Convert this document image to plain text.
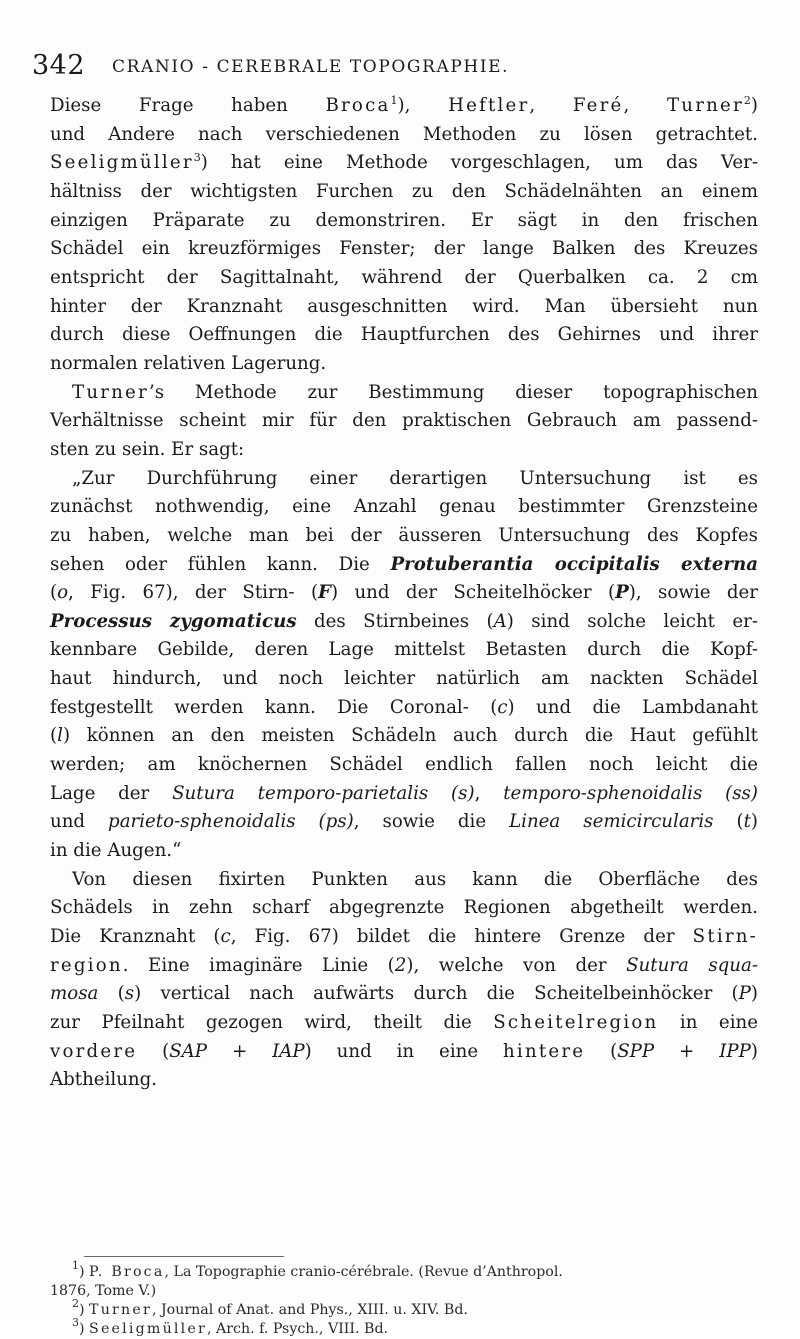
342 CRANIO - CEREBRALE TOPOGRAPHIE.
Diese Frage haben Broca$^1$), Heftler, Feré, Turner$^2$)
und Andere nach verschiedenen Methoden zu lösen getrachtet.
Seeligmüller$^3$) hat eine Methode vorgeschlagen, um das Ver-
hältniss der wichtigsten Furchen zu den Schädelnähten an einem
einzigen Präparate zu demonstriren. Er sägt in den frischen
Schädel ein kreuzförmiges Fenster; der lange Balken des Kreuzes
entspricht der Sagittalnaht, während der Querbalken ca. 2 cm
hinter der Kranznaht ausgeschnitten wird. Man übersieht nun
durch diese Oeffnungen die Hauptfurchen des Gehirnes und ihrer
normalen relativen Lagerung.
Turner’s Methode zur Bestimmung dieser topographischen
Verhältnisse scheint mir für den praktischen Gebrauch am passend-
sten zu sein. Er sagt:
„Zur Durchführung einer derartigen Untersuchung ist es
zunächst nothwendig, eine Anzahl genau bestimmter Grenzsteine
zu haben, welche man bei der äusseren Untersuchung des Kopfes
sehen oder fühlen kann. Die Protuberantia occipitalis externa
(o, Fig. 67), der Stirn- (F) und der Scheitelhöcker (P), sowie der
Processus zygomaticus des Stirnbeines (A) sind solche leicht er-
kennbare Gebilde, deren Lage mittelst Betasten durch die Kopf-
haut hindurch, und noch leichter natürlich am nackten Schädel
festgestellt werden kann. Die Coronal- (c) und die Lambdanaht
(l) können an den meisten Schädeln auch durch die Haut gefühlt
werden; am knöchernen Schädel endlich fallen noch leicht die
Lage der Sutura temporo-parietalis (s), temporo-sphenoidalis (ss)
und parieto-sphenoidalis (ps), sowie die Linea semicircularis (t)
in die Augen.“
Von diesen fixirten Punkten aus kann die Oberfläche des
Schädels in zehn scharf abgegrenzte Regionen abgetheilt werden.
Die Kranznaht (c, Fig. 67) bildet die hintere Grenze der Stirn-
region. Eine imaginäre Linie (2), welche von der Sutura squa-
mosa (s) vertical nach aufwärts durch die Scheitelbeinhöcker (P)
zur Pfeilnaht gezogen wird, theilt die Scheitelregion in eine
vordere (SAP + IAP) und in eine hintere (SPP + IPP)
Abtheilung.
$^1$) P. Broca, La Topographie cranio-cérébrale. (Revue d’Anthropol.
1876, Tome V.)
$^2$) Turner, Journal of Anat. and Phys., XIII. u. XIV. Bd.
$^3$) Seeligmüller, Arch. f. Psych., VIII. Bd.
